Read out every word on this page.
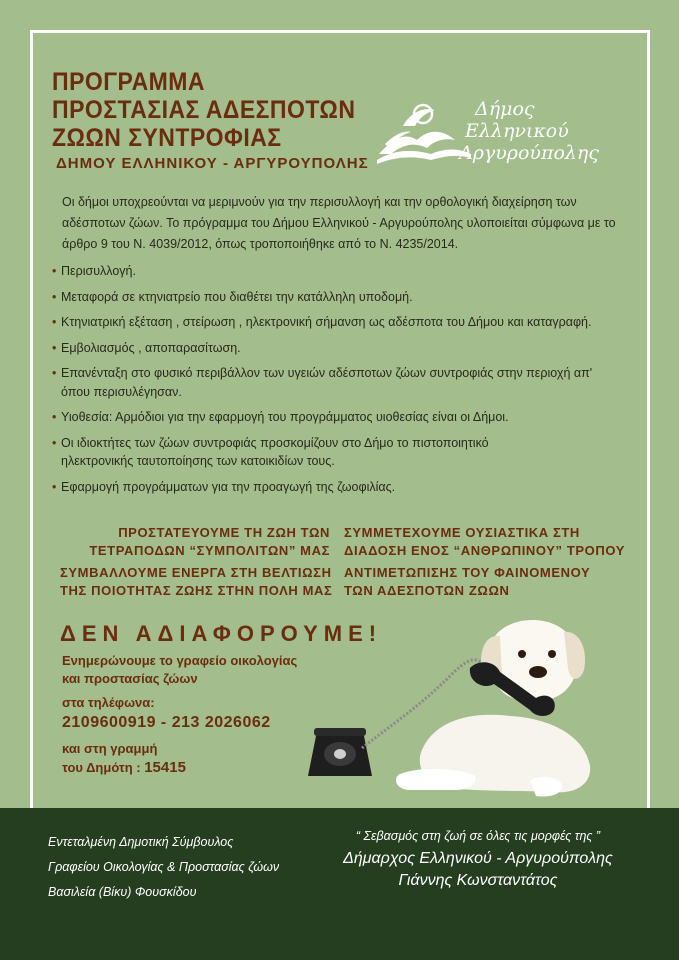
ΠΡΟΓΡΑΜΜΑ
ΠΡΟΣΤΑΣΙΑΣ ΑΔΕΣΠΟΤΩΝ
ΖΩΩΝ ΣΥΝΤΡΟΦΙΑΣ
ΔΗΜΟΥ ΕΛΛΗΝΙΚΟΥ - ΑΡΓΥΡΟΥΠΟΛΗΣ
Δήμος
Ελληνικού
Αργυρούπολης
Οι δήμοι υποχρεούνται να μεριμνούν για την περισυλλογή και την ορθολογική διαχείρηση των αδέσποτων ζώων. Το πρόγραμμα του Δήμου Ελληνικού - Αργυρούπολης υλοποιείται σύμφωνα με το άρθρο 9 του Ν. 4039/2012, όπως τροποποιήθηκε από το Ν. 4235/2014.
• Περισυλλογή.
• Μεταφορά σε κτηνιατρείο που διαθέτει την κατάλληλη υποδομή.
• Κτηνιατρική εξέταση , στείρωση , ηλεκτρονική σήμανση ως αδέσποτα του Δήμου και καταγραφή.
• Εμβολιασμός , αποπαρασίτωση.
• Επανένταξη στο φυσικό περιβάλλον των υγειών αδέσποτων ζώων συντροφιάς στην περιοχή απ' όπου περισυλέγησαν.
• Υιοθεσία: Αρμόδιοι για την εφαρμογή του προγράμματος υιοθεσίας είναι οι Δήμοι.
• Οι ιδιοκτήτες των ζώων συντροφιάς προσκομίζουν στο Δήμο το πιστοποιητικό ηλεκτρονικής ταυτοποίησης των κατοικιδίων τους.
• Εφαρμογή προγράμματων για την προαγωγή της ζωοφιλίας.
ΠΡΟΣΤΑΤΕΥΟΥΜΕ ΤΗ ΖΩΗ ΤΩΝ
ΤΕΤΡΑΠΟΔΩΝ “ΣΥΜΠΟΛΙΤΩΝ” ΜΑΣ
ΣΥΜΒΑΛΛΟΥΜΕ ΕΝΕΡΓΑ ΣΤΗ ΒΕΛΤΙΩΣΗ
ΤΗΣ ΠΟΙΟΤΗΤΑΣ ΖΩΗΣ ΣΤΗΝ ΠΟΛΗ ΜΑΣ
ΣΥΜΜΕΤΕΧΟΥΜΕ ΟΥΣΙΑΣΤΙΚΑ ΣΤΗ
ΔΙΑΔΟΣΗ ΕΝΟΣ “ΑΝΘΡΩΠΙΝΟΥ” ΤΡΟΠΟΥ
ΑΝΤΙΜΕΤΩΠΙΣΗΣ ΤΟΥ ΦΑΙΝΟΜΕΝΟΥ
ΤΩΝ ΑΔΕΣΠΟΤΩΝ ΖΩΩΝ
ΔΕΝ ΑΔΙΑΦΟΡΟΥΜΕ!
Ενημερώνουμε το γραφείο οικολογίας
και προστασίας ζώων
στα τηλέφωνα:
2109600919 - 213 2026062
και στη γραμμή
του Δημότη : 15415
Εντεταλμένη Δημοτική Σύμβουλος
Γραφείου Οικολογίας & Προστασίας ζώων
Βασιλεία (Βίκυ) Φουσκίδου
“ Σεβασμός στη ζωή σε όλες τις μορφές της ”
Δήμαρχος Ελληνικού - Αργυρούπολης
Γιάννης Κωνσταντάτος
